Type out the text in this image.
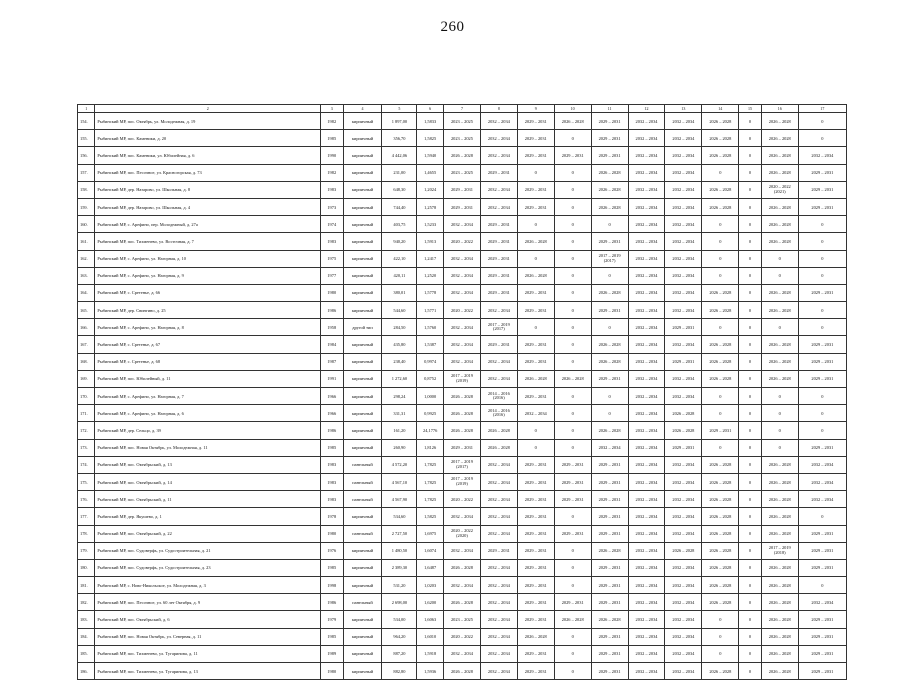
260
1	2	3	4	5	6	7	8	9	10	11	12	13	14	15	16	17
154.	Рыбинский МР, пос. Октябрь, ул. Молодежная, д. 19	1982	кирпичный	1 897,00	1,5833	2023 – 2025	2032 – 2034	2029 – 2031	2026 – 2028	2029 – 2031	2032 – 2034	2032 – 2034	2026 – 2028	0	2026 – 2028	0
155.	Рыбинский МР, пос. Каменики, д. 20	1985	кирпичный	356,70	1,5825	2023 – 2025	2032 – 2034	2029 – 2031	0	2029 – 2031	2032 – 2034	2032 – 2034	2026 – 2028	0	2026 – 2028	0
156.	Рыбинский МР, пос. Каменики, ул. Юбилейная, д. 6	1990	кирпичный	4 442,06	1,5940	2026 – 2028	2032 – 2034	2029 – 2031	2029 – 2031	2029 – 2031	2032 – 2034	2032 – 2034	2026 – 2028	0	2026 – 2028	2032 – 2034
157.	Рыбинский МР, пос. Песочное, ул. Красногорская, д. 73	1982	кирпичный	231,00	1,4655	2023 – 2025	2029 – 2031	0	0	2026 – 2028	2032 – 2034	2032 – 2034	0	0	2026 – 2028	2029 – 2031
158.	Рыбинский МР, дер. Назарово, ул. Школьная, д. 8	1983	кирпичный	648,30	1,2024	2029 – 2031	2032 – 2034	2029 – 2031	0	2026 – 2028	2032 – 2034	2032 – 2034	2026 – 2028	0	2020 – 2022 (2021)	2029 – 2031
159.	Рыбинский МР, дер. Назарово, ул. Школьная, д. 4	1973	кирпичный	744,40	1,2578	2029 – 2031	2032 – 2034	2029 – 2031	0	2026 – 2028	2032 – 2034	2032 – 2034	2026 – 2028	0	2026 – 2028	2029 – 2031
160.	Рыбинский МР, с. Арефино, пер. Молодежный, д. 27а	1974	кирпичный	403,75	1,5233	2032 – 2034	2029 – 2031	0	0	0	2032 – 2034	2032 – 2034	0	0	2026 – 2028	0
161.	Рыбинский МР, пос. Тихменево, ул. Восточная, д. 7	1983	кирпичный	940,20	1,5913	2020 – 2022	2029 – 2031	2026 – 2028	0	2029 – 2031	2032 – 2034	2032 – 2034	0	0	2026 – 2028	0
162.	Рыбинский МР, с. Арефино, ул. Нагорная, д. 10	1975	кирпичный	422,10	1,2417	2032 – 2034	2029 – 2031	0	0	2017 – 2019 (2017)	2032 – 2034	2032 – 2034	0	0	0	0
163.	Рыбинский МР, с. Арефино, ул. Нагорная, д. 9	1977	кирпичный	420,11	1,2520	2032 – 2034	2029 – 2031	2026 – 2028	0	0	2032 – 2034	2032 – 2034	0	0	0	0
164.	Рыбинский МР, с. Сретенье, д. 66	1980	кирпичный	380,01	1,5778	2032 – 2034	2029 – 2031	2029 – 2031	0	2026 – 2028	2032 – 2034	2032 – 2034	2026 – 2028	0	2026 – 2028	2029 – 2031
165.	Рыбинский МР, дер. Свингино, д. 25	1986	кирпичный	544,60	1,5771	2020 – 2022	2032 – 2034	2029 – 2031	0	2029 – 2031	2032 – 2034	2032 – 2034	2026 – 2028	0	2026 – 2028	0
166.	Рыбинский МР, с. Арефино, ул. Нагорная, д. 8	1958	другой тип	284,50	1,5760	2032 – 2034	2017 – 2019 (2017)	0	0	0	2032 – 2034	2029 – 2031	0	0	0	0
167.	Рыбинский МР, с. Сретенье, д. 67	1984	кирпичный	435,80	1,5387	2032 – 2034	2029 – 2031	2029 – 2031	0	2026 – 2028	2032 – 2034	2032 – 2034	2026 – 2028	0	2026 – 2028	2029 – 2031
168.	Рыбинский МР, с. Сретенье, д. 68	1987	кирпичный	238,40	0,9974	2032 – 2034	2032 – 2034	2029 – 2031	0	2026 – 2028	2032 – 2034	2029 – 2031	2026 – 2028	0	2026 – 2028	2029 – 2031
169.	Рыбинский МР, пос. Юбилейный, д. 11	1991	кирпичный	1 272,60	0,8752	2017 – 2019 (2019)	2032 – 2034	2026 – 2028	2026 – 2028	2029 – 2031	2032 – 2034	2032 – 2034	2026 – 2028	0	2026 – 2028	2029 – 2031
170.	Рыбинский МР, с. Арефино, ул. Нагорная, д. 7	1966	кирпичный	298,24	1,0000	2026 – 2028	2014 – 2016 (2016)	2029 – 2031	0	0	2032 – 2034	2032 – 2034	0	0	0	0
171.	Рыбинский МР, с. Арефино, ул. Нагорная, д. 6	1966	кирпичный	331,31	0,9925	2026 – 2028	2014 – 2016 (2016)	2032 – 2034	0	0	2032 – 2034	2026 – 2028	0	0	0	0
172.	Рыбинский МР, дер. Сельцо, д. 39	1986	кирпичный	161,20	24,1776	2026 – 2028	2026 – 2028	0	0	2026 – 2028	2032 – 2034	2026 – 2028	2029 – 2031	0	0	0
173.	Рыбинский МР, пос. Новая Октябрь, ул. Молодежная, д. 11	1985	кирпичный	260,90	1,8126	2029 – 2031	2026 – 2028	0	0	2032 – 2034	2032 – 2034	2029 – 2031	0	0	0	2029 – 2031
174.	Рыбинский МР, пос. Октябрьский, д. 13	1983	панельный	4 572,20	1,7825	2017 – 2019 (2017)	2032 – 2034	2029 – 2031	2029 – 2031	2029 – 2031	2032 – 2034	2032 – 2034	2026 – 2028	0	2026 – 2028	2032 – 2034
175.	Рыбинский МР, пос. Октябрьский, д. 14	1983	панельный	4 567,10	1,7825	2017 – 2019 (2019)	2032 – 2034	2029 – 2031	2029 – 2031	2029 – 2031	2032 – 2034	2032 – 2034	2026 – 2028	0	2026 – 2028	2032 – 2034
176.	Рыбинский МР, пос. Октябрьский, д. 11	1983	панельный	4 567,90	1,7825	2020 – 2022	2032 – 2034	2029 – 2031	2029 – 2031	2029 – 2031	2032 – 2034	2032 – 2034	2026 – 2028	0	2026 – 2028	2032 – 2034
177.	Рыбинский МР, дер. Якушево, д. 1	1978	кирпичный	534,60	1,5825	2032 – 2034	2032 – 2034	2029 – 2031	0	2029 – 2031	2032 – 2034	2032 – 2034	2026 – 2028	0	2026 – 2028	0
178.	Рыбинский МР, пос. Октябрьский, д. 22	1980	панельный	2 727,50	1,6975	2020 – 2022 (2020)	2032 – 2034	2029 – 2031	2029 – 2031	2029 – 2031	2032 – 2034	2032 – 2034	2026 – 2028	0	2026 – 2028	2029 – 2031
179.	Рыбинский МР, пос. Судоверфь, ул. Судостроительная, д. 21	1976	кирпичный	1 480,50	1,6074	2032 – 2034	2029 – 2031	2029 – 2031	0	2026 – 2028	2032 – 2034	2026 – 2028	2026 – 2028	0	2017 – 2019 (2018)	2029 – 2031
180.	Рыбинский МР, пос. Судоверфь, ул. Судостроительная, д. 23	1985	кирпичный	2 389,30	1,6487	2026 – 2028	2032 – 2034	2029 – 2031	0	2029 – 2031	2032 – 2034	2032 – 2034	2026 – 2028	0	2026 – 2028	2029 – 2031
181.	Рыбинский МР, с. Ново-Никольское, ул. Молодежная, д. 3	1998	кирпичный	531,20	1,0203	2032 – 2034	2032 – 2034	2029 – 2031	0	2029 – 2031	2032 – 2034	2032 – 2034	2026 – 2028	0	2026 – 2028	0
182.	Рыбинский МР, пос. Песочное, ул. 60 лет Октября, д. 9	1986	панельный	2 698,00	1,6200	2026 – 2028	2032 – 2034	2029 – 2031	2029 – 2031	2029 – 2031	2032 – 2034	2032 – 2034	2026 – 2028	0	2026 – 2028	2032 – 2034
183.	Рыбинский МР, пос. Октябрьский, д. 6	1979	кирпичный	534,00	1,6063	2023 – 2025	2032 – 2034	2029 – 2031	2026 – 2028	2026 – 2028	2032 – 2034	2032 – 2034	0	0	2026 – 2028	2029 – 2031
184.	Рыбинский МР, пос. Новая Октябрь, ул. Северная, д. 11	1985	кирпичный	964,20	1,6010	2020 – 2022	2032 – 2034	2026 – 2028	0	2029 – 2031	2032 – 2034	2032 – 2034	0	0	2026 – 2028	2029 – 2031
185.	Рыбинский МР, пос. Тихменево, ул. Тугаринова, д. 11	1989	кирпичный	887,20	1,5918	2032 – 2034	2032 – 2034	2029 – 2031	0	2029 – 2031	2032 – 2034	2032 – 2034	0	0	2026 – 2028	2029 – 2031
186.	Рыбинский МР, пос. Тихменево, ул. Тугаринова, д. 13	1980	кирпичный	882,80	1,5936	2026 – 2028	2032 – 2034	2029 – 2031	0	2029 – 2031	2032 – 2034	2032 – 2034	2026 – 2028	0	2026 – 2028	2029 – 2031
